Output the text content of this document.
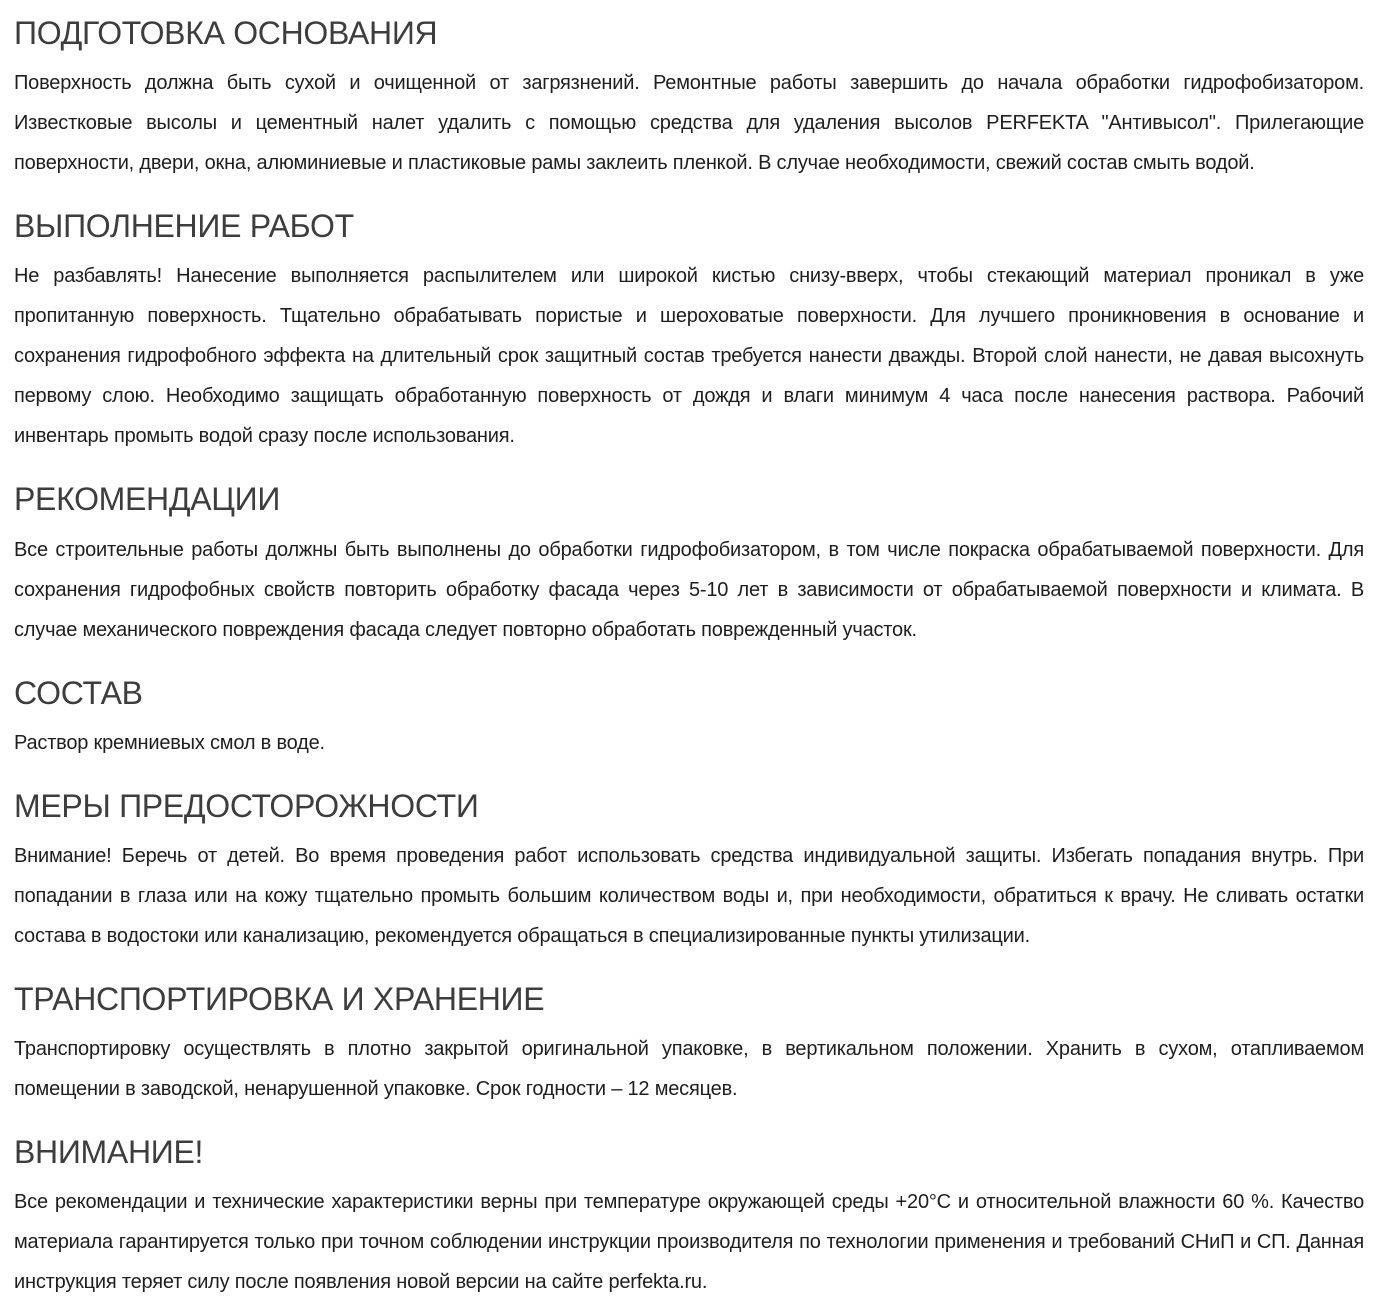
ПОДГОТОВКА ОСНОВАНИЯ

Поверхность должна быть сухой и очищенной от загрязнений. Ремонтные работы завершить до начала обработки гидрофобизатором. Известковые высолы и цементный налет удалить с помощью средства для удаления высолов PERFEKTA "Антивысол". Прилегающие поверхности, двери, окна, алюминиевые и пластиковые рамы заклеить пленкой. В случае необходимости, свежий состав смыть водой.

ВЫПОЛНЕНИЕ РАБОТ

Не разбавлять! Нанесение выполняется распылителем или широкой кистью снизу-вверх, чтобы стекающий материал проникал в уже пропитанную поверхность. Тщательно обрабатывать пористые и шероховатые поверхности. Для лучшего проникновения в основание и сохранения гидрофобного эффекта на длительный срок защитный состав требуется нанести дважды. Второй слой нанести, не давая высохнуть первому слою. Необходимо защищать обработанную поверхность от дождя и влаги минимум 4 часа после нанесения раствора. Рабочий инвентарь промыть водой сразу после использования.

РЕКОМЕНДАЦИИ

Все строительные работы должны быть выполнены до обработки гидрофобизатором, в том числе покраска обрабатываемой поверхности. Для сохранения гидрофобных свойств повторить обработку фасада через 5-10 лет в зависимости от обрабатываемой поверхности и климата. В случае механического повреждения фасада следует повторно обработать поврежденный участок.

СОСТАВ

Раствор кремниевых смол в воде.

МЕРЫ ПРЕДОСТОРОЖНОСТИ

Внимание! Беречь от детей. Во время проведения работ использовать средства индивидуальной защиты. Избегать попадания внутрь. При попадании в глаза или на кожу тщательно промыть большим количеством воды и, при необходимости, обратиться к врачу. Не сливать остатки состава в водостоки или канализацию, рекомендуется обращаться в специализированные пункты утилизации.

ТРАНСПОРТИРОВКА И ХРАНЕНИЕ

Транспортировку осуществлять в плотно закрытой оригинальной упаковке, в вертикальном положении. Хранить в сухом, отапливаемом помещении в заводской, ненарушенной упаковке. Срок годности – 12 месяцев.

ВНИМАНИЕ!

Все рекомендации и технические характеристики верны при температуре окружающей среды +20°С и относительной влажности 60 %. Качество материала гарантируется только при точном соблюдении инструкции производителя по технологии применения и требований СНиП и СП. Данная инструкция теряет силу после появления новой версии на сайте perfekta.ru.
